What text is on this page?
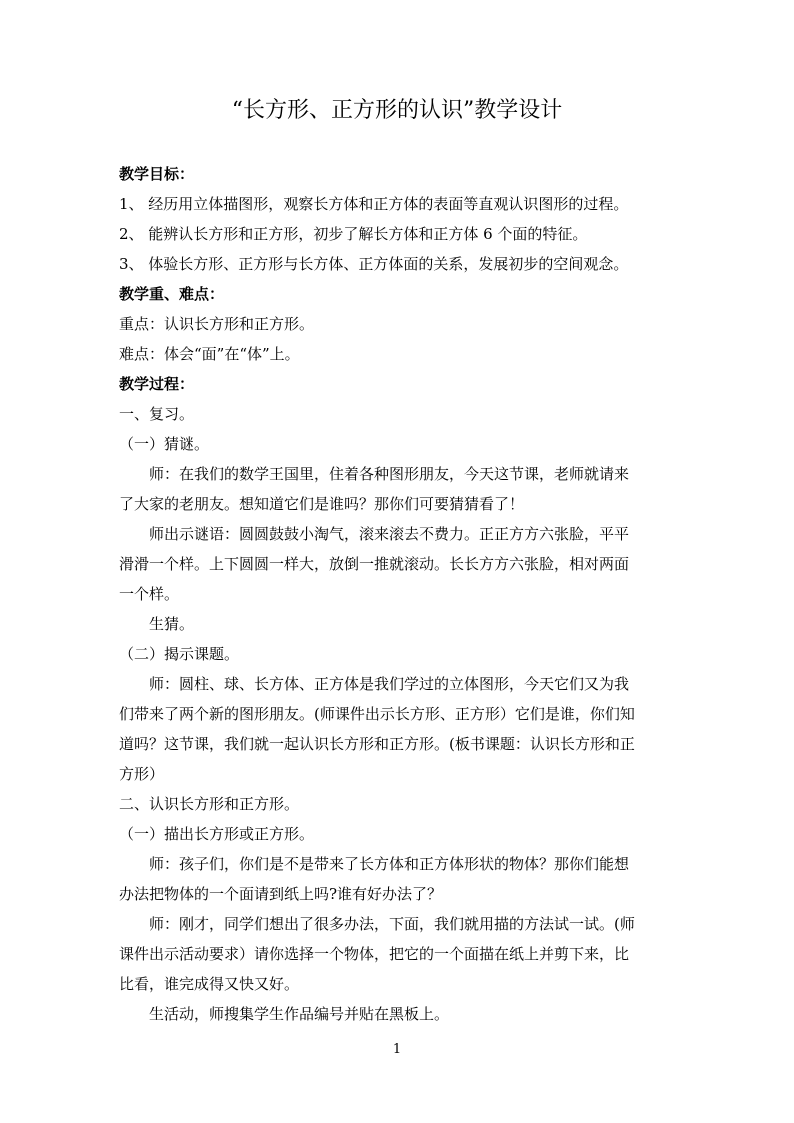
“长方形、正方形的认识”教学设计

教学目标：

1、 经历用立体描图形，观察长方体和正方体的表面等直观认识图形的过程。

2、 能辨认长方形和正方形，初步了解长方体和正方体 6 个面的特征。

3、 体验长方形、正方形与长方体、正方体面的关系，发展初步的空间观念。

教学重、难点：

重点：认识长方形和正方形。

难点：体会“面”在“体”上。

教学过程：

一、复习。

（一）猜谜。

师：在我们的数学王国里，住着各种图形朋友，今天这节课，老师就请来

了大家的老朋友。想知道它们是谁吗？那你们可要猜猜看了！

师出示谜语：圆圆鼓鼓小淘气，滚来滚去不费力。正正方方六张脸，平平

滑滑一个样。上下圆圆一样大，放倒一推就滚动。长长方方六张脸，相对两面

一个样。

生猜。

（二）揭示课题。

师：圆柱、球、长方体、正方体是我们学过的立体图形，今天它们又为我

们带来了两个新的图形朋友。(师课件出示长方形、正方形）它们是谁，你们知

道吗？这节课，我们就一起认识长方形和正方形。(板书课题：认识长方形和正

方形）

二、认识长方形和正方形。

（一）描出长方形或正方形。

师：孩子们，你们是不是带来了长方体和正方体形状的物体？那你们能想

办法把物体的一个面请到纸上吗?谁有好办法了？

师：刚才，同学们想出了很多办法，下面，我们就用描的方法试一试。(师

课件出示活动要求）请你选择一个物体，把它的一个面描在纸上并剪下来，比

比看，谁完成得又快又好。

生活动，师搜集学生作品编号并贴在黑板上。

1
